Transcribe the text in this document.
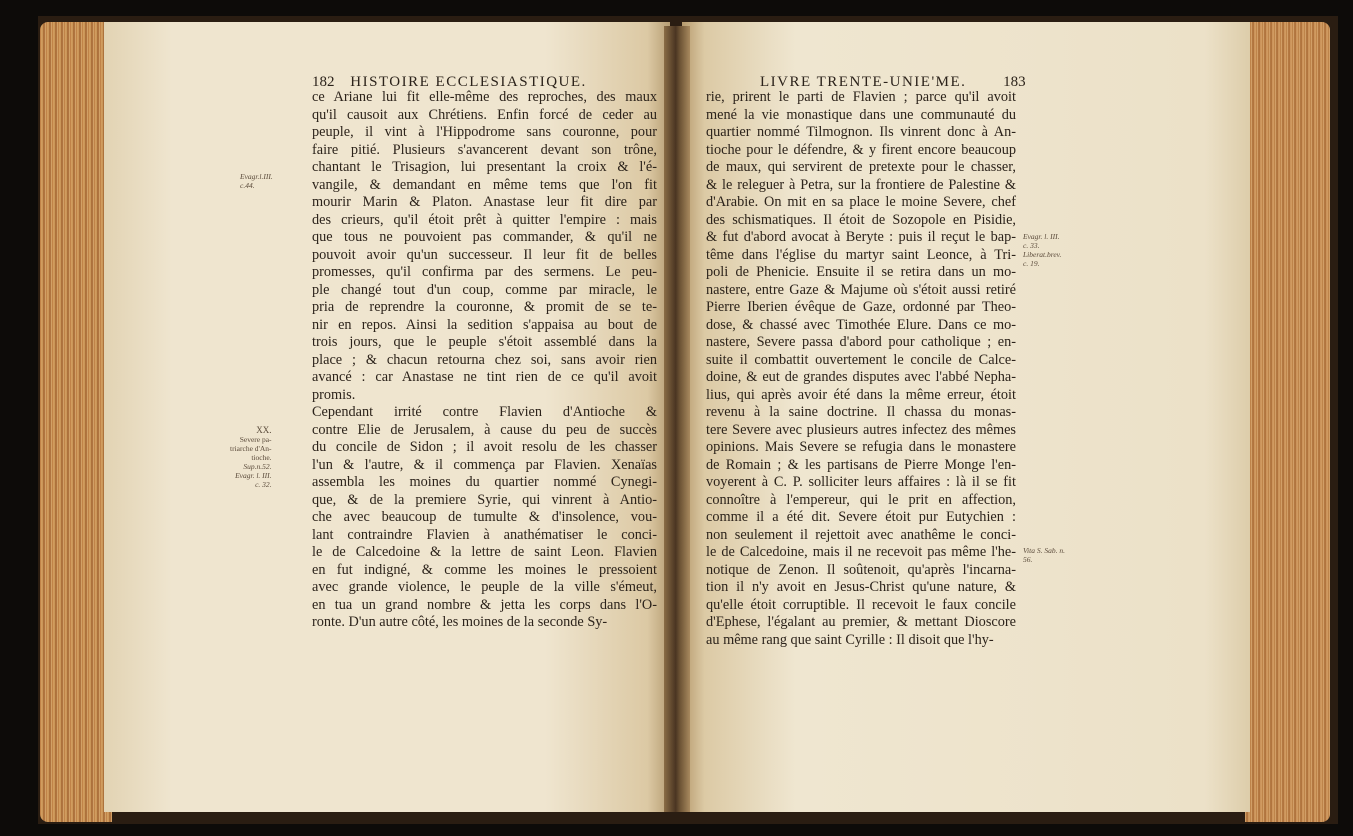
182 HISTOIRE ECCLESIASTIQUE.	LIVRE TRENTE-UNIE'ME. 183
Evagr.l.III.
c.44.
XX.
Severe pa-
triarche d'An-
tioche.
Sup.n.52.
Evagr. l. III.
c. 32.
Evagr. l. III.
c. 33.
Liberat.brev.
c. 19.
Vita S. Sab. n.
56.
ce Ariane lui fit elle-même des reproches, des maux
qu'il causoit aux Chrétiens. Enfin forcé de ceder au
peuple, il vint à l'Hippodrome sans couronne, pour
faire pitié. Plusieurs s'avancerent devant son trône,
chantant le Trisagion, lui presentant la croix & l'é-
vangile, & demandant en même tems que l'on fit
mourir Marin & Platon. Anastase leur fit dire par
des crieurs, qu'il étoit prêt à quitter l'empire : mais
que tous ne pouvoient pas commander, & qu'il ne
pouvoit avoir qu'un successeur. Il leur fit de belles
promesses, qu'il confirma par des sermens. Le peu-
ple changé tout d'un coup, comme par miracle, le
pria de reprendre la couronne, & promit de se te-
nir en repos. Ainsi la sedition s'appaisa au bout de
trois jours, que le peuple s'étoit assemblé dans la
place ; & chacun retourna chez soi, sans avoir rien
avancé : car Anastase ne tint rien de ce qu'il avoit
promis.
Cependant irrité contre Flavien d'Antioche &
contre Elie de Jerusalem, à cause du peu de succès
du concile de Sidon ; il avoit resolu de les chasser
l'un & l'autre, & il commença par Flavien. Xenaïas
assembla les moines du quartier nommé Cynegi-
que, & de la premiere Syrie, qui vinrent à Antio-
che avec beaucoup de tumulte & d'insolence, vou-
lant contraindre Flavien à anathématiser le conci-
le de Calcedoine & la lettre de saint Leon. Flavien
en fut indigné, & comme les moines le pressoient
avec grande violence, le peuple de la ville s'émeut,
en tua un grand nombre & jetta les corps dans l'O-
ronte. D'un autre côté, les moines de la seconde Sy-
rie, prirent le parti de Flavien ; parce qu'il avoit
mené la vie monastique dans une communauté du
quartier nommé Tilmognon. Ils vinrent donc à An-
tioche pour le défendre, & y firent encore beaucoup
de maux, qui servirent de pretexte pour le chasser,
& le releguer à Petra, sur la frontiere de Palestine &
d'Arabie. On mit en sa place le moine Severe, chef
des schismatiques. Il étoit de Sozopole en Pisidie,
& fut d'abord avocat à Beryte : puis il reçut le bap-
tême dans l'église du martyr saint Leonce, à Tri-
poli de Phenicie. Ensuite il se retira dans un mo-
nastere, entre Gaze & Majume où s'étoit aussi retiré
Pierre Iberien évêque de Gaze, ordonné par Theo-
dose, & chassé avec Timothée Elure. Dans ce mo-
nastere, Severe passa d'abord pour catholique ; en-
suite il combattit ouvertement le concile de Calce-
doine, & eut de grandes disputes avec l'abbé Nepha-
lius, qui après avoir été dans la même erreur, étoit
revenu à la saine doctrine. Il chassa du monas-
tere Severe avec plusieurs autres infectez des mêmes
opinions. Mais Severe se refugia dans le monastere
de Romain ; & les partisans de Pierre Monge l'en-
voyerent à C. P. solliciter leurs affaires : là il se fit
connoître à l'empereur, qui le prit en affection,
comme il a été dit. Severe étoit pur Eutychien :
non seulement il rejettoit avec anathême le conci-
le de Calcedoine, mais il ne recevoit pas même l'he-
notique de Zenon. Il soûtenoit, qu'après l'incarna-
tion il n'y avoit en Jesus-Christ qu'une nature, &
qu'elle étoit corruptible. Il recevoit le faux concile
d'Ephese, l'égalant au premier, & mettant Dioscore
au même rang que saint Cyrille : Il disoit que l'hy-
